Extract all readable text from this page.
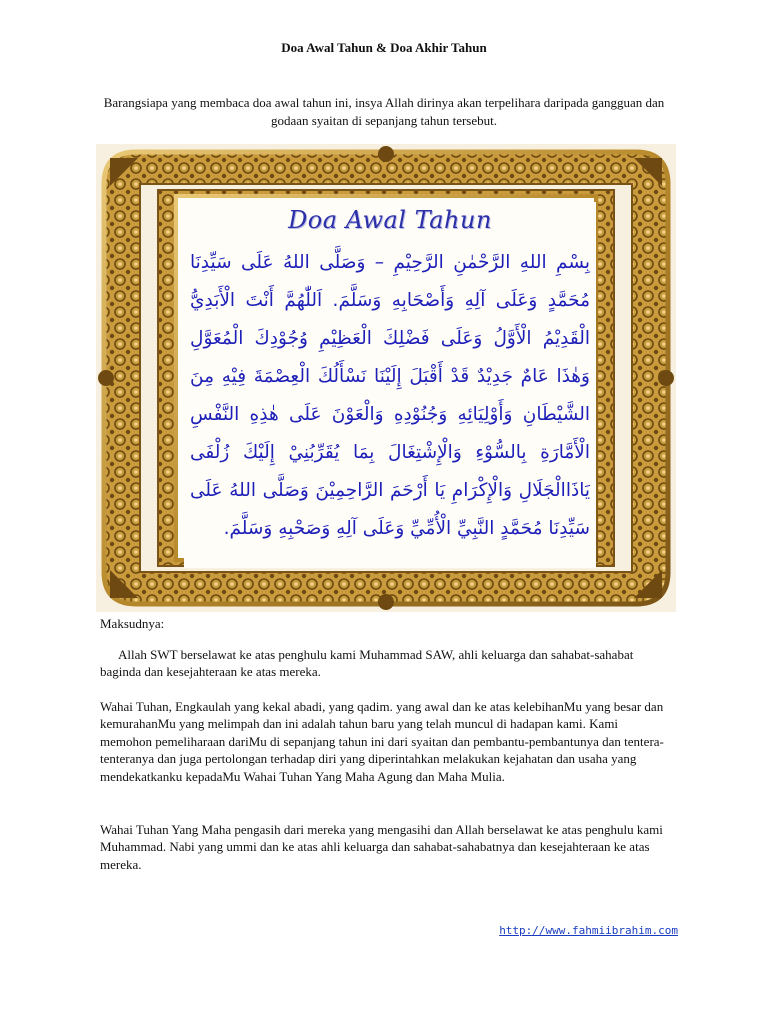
Doa Awal Tahun & Doa Akhir Tahun
Barangsiapa yang membaca doa awal tahun ini, insya Allah dirinya akan terpelihara daripada gangguan dan godaan syaitan di sepanjang tahun tersebut.
Doa Awal Tahun

بِسْمِ اللهِ الرَّحْمٰنِ الرَّحِيْمِ – وَصَلَّى اللهُ عَلَى سَيِّدِنَا مُحَمَّدٍ وَعَلَى آلِهِ وَأَصْحَابِهِ وَسَلَّمَ. اَللّٰهُمَّ أَنْتَ الْأَبَدِيُّ الْقَدِيْمُ الْأَوَّلُ وَعَلَى فَضْلِكَ الْعَظِيْمِ وُجُوْدِكَ الْمُعَوَّلِ وَهٰذَا عَامٌ جَدِيْدٌ قَدْ أَقْبَلَ إِلَيْنَا نَسْأَلُكَ الْعِصْمَةَ فِيْهِ مِنَ الشَّيْطَانِ وَأَوْلِيَائِهِ وَجُنُوْدِهِ وَالْعَوْنَ عَلَى هٰذِهِ النَّفْسِ الْأَمَّارَةِ بِالسُّوْءِ وَالْإِشْتِغَالَ بِمَا يُقَرِّبُنِيْ إِلَيْكَ زُلْفَى يَاذَاالْجَلَالِ وَالْإِكْرَامِ يَا أَرْحَمَ الرَّاحِمِيْنَ وَصَلَّى اللهُ عَلَى سَيِّدِنَا مُحَمَّدٍ النَّبِيِّ الْأُمِّيِّ وَعَلَى آلِهِ وَصَحْبِهِ وَسَلَّمَ.

Maksudnya:

Allah SWT berselawat ke atas penghulu kami Muhammad SAW, ahli keluarga dan sahabat-sahabat baginda dan kesejahteraan ke atas mereka.

Wahai Tuhan, Engkaulah yang kekal abadi, yang qadim. yang awal dan ke atas kelebihanMu yang besar dan kemurahanMu yang melimpah dan ini adalah tahun baru yang telah muncul di hadapan kami. Kami memohon pemeliharaan dariMu di sepanjang tahun ini dari syaitan dan pembantu-pembantunya dan tentera-tenteranya dan juga pertolongan terhadap diri yang diperintahkan melakukan kejahatan dan usaha yang mendekatkanku kepadaMu Wahai Tuhan Yang Maha Agung dan Maha Mulia.

Wahai Tuhan Yang Maha pengasih dari mereka yang mengasihi dan Allah berselawat ke atas penghulu kami Muhammad. Nabi yang ummi dan ke atas ahli keluarga dan sahabat-sahabatnya dan kesejahteraan ke atas mereka.

http://www.fahmiibrahim.com
